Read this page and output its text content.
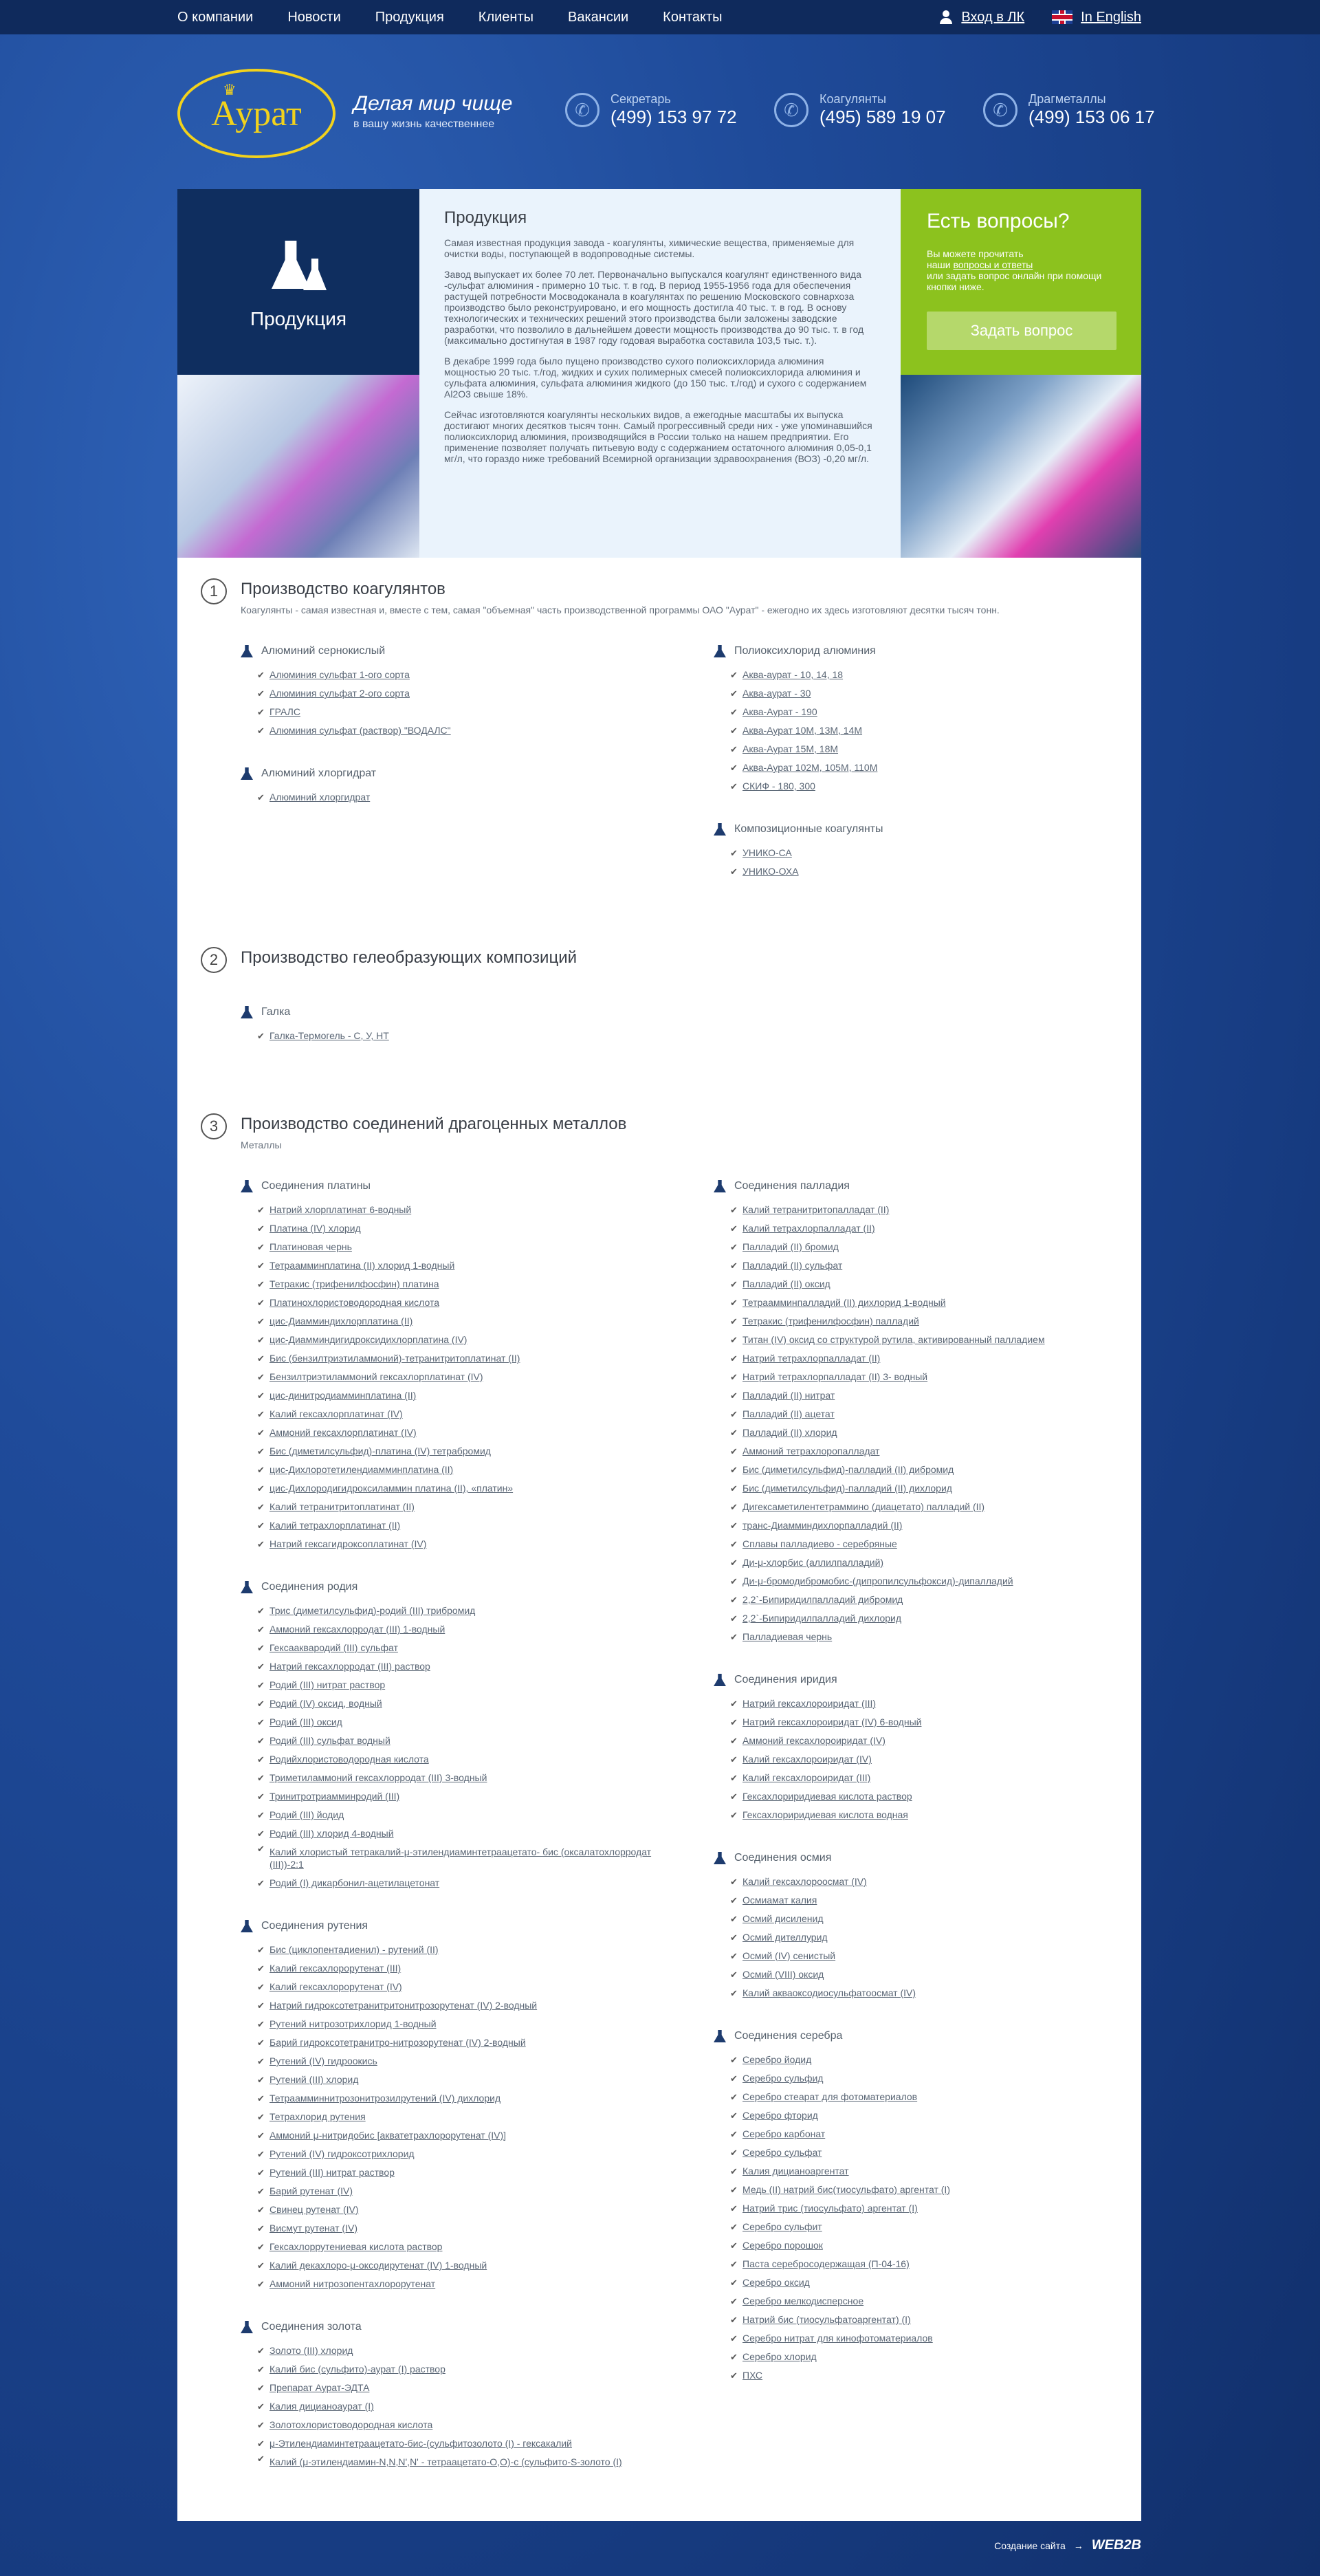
О компании	Новости	Продукция	Клиенты	Вакансии	Контакты	Вход в ЛК	In English
Аурат
♛
Делая мир чище
в вашу жизнь качественнее
✆
Секретарь
(499) 153 97 72	✆
Коагулянты
(495) 589 19 07	✆
Драгметаллы
(499) 153 06 17
Продукция
Продукция

Самая известная продукция завода - коагулянты, химические вещества, применяемые для очистки воды, поступающей в водопроводные системы.

Завод выпускает их более 70 лет. Первоначально выпускался коагулянт единственного вида -сульфат алюминия - примерно 10 тыс. т. в год. В период 1955-1956 года для обеспечения растущей потребности Мосводоканала в коагулянтах по решению Московского совнархоза производство было реконструировано, и его мощность достигла 40 тыс. т. в год. В основу технологических и технических решений этого производства были заложены заводские разработки, что позволило в дальнейшем довести мощность производства до 90 тыс. т. в год (максимально достигнутая в 1987 году годовая выработка составила 103,5 тыс. т.).

В декабре 1999 года было пущено производство сухого полиоксихлорида алюминия мощностью 20 тыс. т./год, жидких и сухих полимерных смесей полиоксихлорида алюминия и сульфата алюминия, сульфата алюминия жидкого (до 150 тыс. т./год) и сухого с содержанием Al2O3 свыше 18%.

Сейчас изготовляются коагулянты нескольких видов, а ежегодные масштабы их выпуска достигают многих десятков тысяч тонн. Самый прогрессивный среди них - уже упоминавшийся полиоксихлорид алюминия, производящийся в России только на нашем предприятии. Его применение позволяет получать питьевую воду с содержанием остаточного алюминия 0,05-0,1 мг/л, что гораздо ниже требований Всемирной организации здравоохранения (ВОЗ) -0,20 мг/л.

Есть вопросы?
Вы можете прочитать
наши вопросы и ответы
или задать вопрос онлайн при помощи кнопки ниже.
Задать вопрос
1	Производство коагулянтов
Коагулянты - самая известная и, вместе с тем, самая "объемная" часть производственной программы ОАО "Аурат" - ежегодно их здесь изготовляют десятки тысяч тонн.
Алюминий сернокислый
✔ Алюминия сульфат 1-ого сорта
✔ Алюминия сульфат 2-ого сорта
✔ ГРАЛС
✔ Алюминия сульфат (раствор) "ВОДАЛС"
Алюминий хлоргидрат
✔ Алюминий хлоргидрат
Полиоксихлорид алюминия
✔ Аква-аурат - 10, 14, 18
✔ Аква-аурат - 30
✔ Аква-Аурат - 190
✔ Аква-Аурат 10М, 13М, 14М
✔ Аква-Аурат 15М, 18М
✔ Аква-Аурат 102М, 105М, 110М
✔ СКИФ - 180, 300
Композиционные коагулянты
✔ УНИКО-СА
✔ УНИКО-ОХА
2	Производство гелеобразующих композиций
Галка
✔ Галка-Термогель - С, У, НТ
3	Производство соединений драгоценных металлов
Металлы
Соединения платины
✔ Натрий хлорплатинат 6-водный
✔ Платина (IV) хлорид
✔ Платиновая чернь
✔ Тетраамминплатина (II) хлорид 1-водный
✔ Тетракис (трифенилфосфин) платина
✔ Платинохлористоводородная кислота
✔ цис-Диамминдихлорплатина (II)
✔ цис-Диамминдигидроксидихлорплатина (IV)
✔ Бис (бензилтриэтиламмоний)-тетранитритоплатинат (II)
✔ Бензилтриэтиламмоний гексахлорплатинат (IV)
✔ цис-динитродиамминплатина (II)
✔ Калий гексахлорплатинат (IV)
✔ Аммоний гексахлорплатинат (IV)
✔ Бис (диметилсульфид)-платина (IV) тетрабромид
✔ цис-Дихлоротетилендиамминплатина (II)
✔ цис-Дихлородигидроксиламмин платина (II), «платин»
✔ Калий тетранитритоплатинат (II)
✔ Калий тетрахлорплатинат (II)
✔ Натрий гексагидроксоплатинат (IV)
Соединения родия
✔ Трис (диметилсульфид)-родий (III) трибромид
✔ Аммоний гексахлорродат (III) 1-водный
✔ Гексааквародий (III) сульфат
✔ Натрий гексахлорродат (III) раствор
✔ Родий (III) нитрат раствор
✔ Родий (IV) оксид, водный
✔ Родий (III) оксид
✔ Родий (III) сульфат водный
✔ Родийхлористоводородная кислота
✔ Триметиламмоний гексахлорродат (III) 3-водный
✔ Тринитротриамминродий (III)
✔ Родий (III) йодид
✔ Родий (III) хлорид 4-водный
✔ Калий хлористый тетракалий-μ-этилендиаминтетраацетато- бис (оксалатохлорродат (III))-2:1
✔ Родий (I) дикарбонил-ацетилацетонат
Соединения рутения
✔ Бис (циклопентадиенил) - рутений (II)
✔ Калий гексахлорорутенат (III)
✔ Калий гексахлорорутенат (IV)
✔ Натрий гидроксотетранитритонитрозорутенат (IV) 2-водный
✔ Рутений нитрозотрихлорид 1-водный
✔ Барий гидроксотетранитро-нитрозорутенат (IV) 2-водный
✔ Рутений (IV) гидроокись
✔ Рутений (III) хлорид
✔ Тетраамминнитрозонитрозилрутений (IV) дихлорид
✔ Тетрахлорид рутения
✔ Аммоний μ-нитридобис [акватетрахлорорутенат (IV)]
✔ Рутений (IV) гидроксотрихлорид
✔ Рутений (III) нитрат раствор
✔ Барий рутенат (IV)
✔ Свинец рутенат (IV)
✔ Висмут рутенат (IV)
✔ Гексахлоррутениевая кислота раствор
✔ Калий декахлоро-μ-оксодирутенат (IV) 1-водный
✔ Аммоний нитрозопентахлорорутенат
Соединения золота
✔ Золото (III) хлорид
✔ Калий бис (сульфито)-аурат (I) раствор
✔ Препарат Аурат-ЭДТА
✔ Калия дицианоаурат (I)
✔ Золотохлористоводородная кислота
✔ μ-Этилендиаминтетраацетато-бис-(сульфитозолото (I) - гексакалий
✔ Калий (μ-этилендиамин-N,N,N',N' - тетраацетато-O,O)-с (сульфито-S-золото (I)
Соединения палладия
✔ Калий тетранитритопалладат (II)
✔ Калий тетрахлорпалладат (II)
✔ Палладий (II) бромид
✔ Палладий (II) сульфат
✔ Палладий (II) оксид
✔ Тетраамминпалладий (II) дихлорид 1-водный
✔ Тетракис (трифенилфосфин) палладий
✔ Титан (IV) оксид со структурой рутила, активированный палладием
✔ Натрий тетрахлорпалладат (II)
✔ Натрий тетрахлорпалладат (II) 3- водный
✔ Палладий (II) нитрат
✔ Палладий (II) ацетат
✔ Палладий (II) хлорид
✔ Аммоний тетрахлоропалладат
✔ Бис (диметилсульфид)-палладий (II) дибромид
✔ Бис (диметилсульфид)-палладий (II) дихлорид
✔ Дигексаметилентетраммино (диацетато) палладий (II)
✔ транс-Диамминдихлорпалладий (II)
✔ Сплавы палладиево - серебряные
✔ Ди-μ-хлорбис (аллилпалладий)
✔ Ди-μ-бромодибромобис-(дипропилсульфоксид)-дипалладий
✔ 2,2`-Бипиридилпалладий дибромид
✔ 2,2`-Бипиридилпалладий дихлорид
✔ Палладиевая чернь
Соединения иридия
✔ Натрий гексахлороиридат (III)
✔ Натрий гексахлороиридат (IV) 6-водный
✔ Аммоний гексахлороиридат (IV)
✔ Калий гексахлороиридат (IV)
✔ Калий гексахлороиридат (III)
✔ Гексахлориридиевая кислота раствор
✔ Гексахлориридиевая кислота водная
Соединения осмия
✔ Калий гексахлороосмат (IV)
✔ Осмиамат калия
✔ Осмий дисиленид
✔ Осмий дителлурид
✔ Осмий (IV) сенистый
✔ Осмий (VIII) оксид
✔ Калий акваоксодиосульфатоосмат (IV)
Соединения серебра
✔ Серебро йодид
✔ Серебро сульфид
✔ Серебро стеарат для фотоматериалов
✔ Серебро фторид
✔ Серебро карбонат
✔ Серебро сульфат
✔ Калия дицианоаргентат
✔ Медь (II) натрий бис(тиосульфато) аргентат (I)
✔ Натрий трис (тиосульфато) аргентат (I)
✔ Серебро сульфит
✔ Серебро порошок
✔ Паста серебросодержащая (П-04-16)
✔ Серебро оксид
✔ Серебро мелкодисперсное
✔ Натрий бис (тиосульфатоаргентат) (I)
✔ Серебро нитрат для кинофотоматериалов
✔ Серебро хлорид
✔ ПХС
Создание сайта → WEB2B
